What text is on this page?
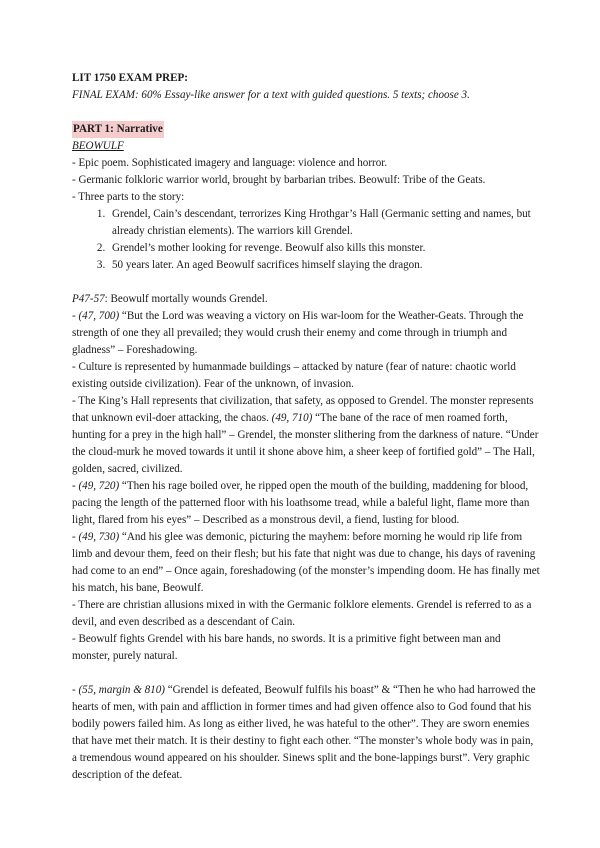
LIT 1750 EXAM PREP:
FINAL EXAM: 60% Essay-like answer for a text with guided questions. 5 texts; choose 3.
PART 1: Narrative
BEOWULF
- Epic poem. Sophisticated imagery and language: violence and horror.
- Germanic folkloric warrior world, brought by barbarian tribes. Beowulf: Tribe of the Geats.
- Three parts to the story:
1. Grendel, Cain’s descendant, terrorizes King Hrothgar’s Hall (Germanic setting and names, but already christian elements). The warriors kill Grendel.
2. Grendel’s mother looking for revenge. Beowulf also kills this monster.
3. 50 years later. An aged Beowulf sacrifices himself slaying the dragon.
P47-57: Beowulf mortally wounds Grendel.
- (47, 700) “But the Lord was weaving a victory on His war-loom for the Weather-Geats. Through the strength of one they all prevailed; they would crush their enemy and come through in triumph and gladness” – Foreshadowing.
- Culture is represented by humanmade buildings – attacked by nature (fear of nature: chaotic world existing outside civilization). Fear of the unknown, of invasion.
- The King’s Hall represents that civilization, that safety, as opposed to Grendel. The monster represents that unknown evil-doer attacking, the chaos. (49, 710) “The bane of the race of men roamed forth, hunting for a prey in the high hall” – Grendel, the monster slithering from the darkness of nature. “Under the cloud-murk he moved towards it until it shone above him, a sheer keep of fortified gold” – The Hall, golden, sacred, civilized.
- (49, 720) “Then his rage boiled over, he ripped open the mouth of the building, maddening for blood, pacing the length of the patterned floor with his loathsome tread, while a baleful light, flame more than light, flared from his eyes” – Described as a monstrous devil, a fiend, lusting for blood.
- (49, 730) “And his glee was demonic, picturing the mayhem: before morning he would rip life from limb and devour them, feed on their flesh; but his fate that night was due to change, his days of ravening had come to an end” – Once again, foreshadowing (of the monster’s impending doom. He has finally met his match, his bane, Beowulf.
- There are christian allusions mixed in with the Germanic folklore elements. Grendel is referred to as a devil, and even described as a descendant of Cain.
- Beowulf fights Grendel with his bare hands, no swords. It is a primitive fight between man and monster, purely natural.
- (55, margin & 810) “Grendel is defeated, Beowulf fulfils his boast” & “Then he who had harrowed the hearts of men, with pain and affliction in former times and had given offence also to God found that his bodily powers failed him. As long as either lived, he was hateful to the other”. They are sworn enemies that have met their match. It is their destiny to fight each other. “The monster’s whole body was in pain, a tremendous wound appeared on his shoulder. Sinews split and the bone-lappings burst”. Very graphic description of the defeat.
